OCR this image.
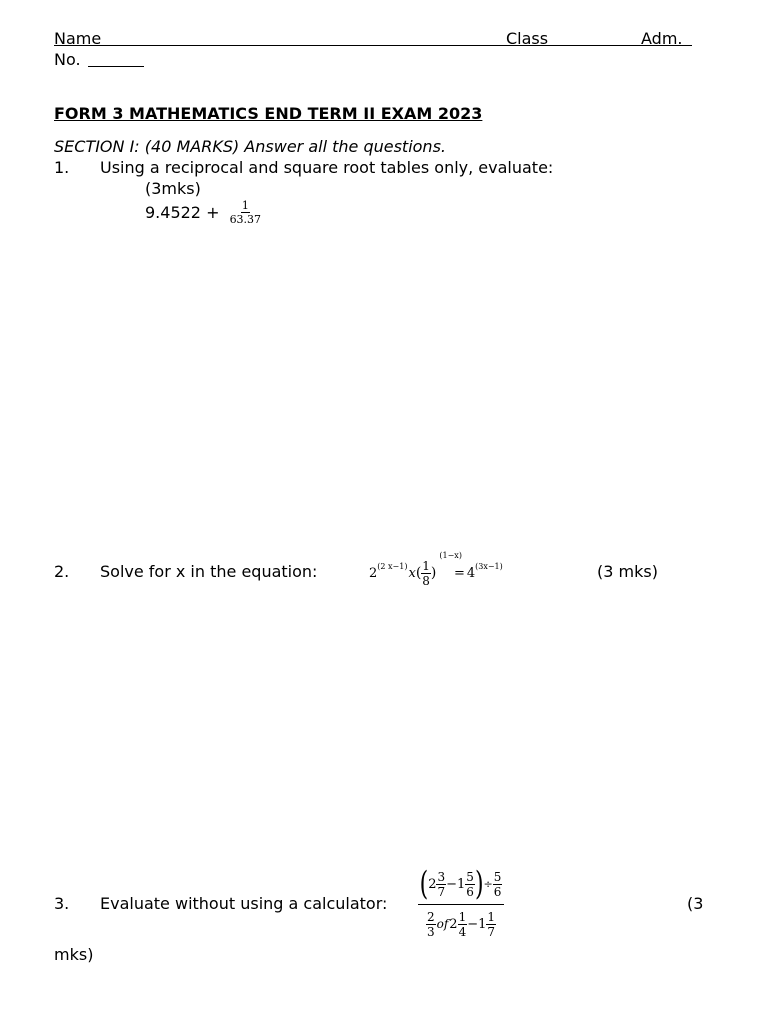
Name	Class	Adm.
No.
FORM 3 MATHEMATICS END TERM II EXAM 2023
SECTION I: (40 MARKS) Answer all the questions.
1. Using a reciprocal and square root tables only, evaluate:
(3mks)
$9.4522 + \frac{1}{63.37}$
2. Solve for x in the equation:	2 (2 x−1) x ( $\frac{1}{8}$ )
(1−x)
= 4 (3x−1)	(3 mks)
3. Evaluate without using a calculator:
( $2 \frac{3}{7} - 1 \frac{5}{6}$ ) ÷ $\frac{5}{6}$
$\frac{2}{3}$ of $2 \frac{1}{4} - 1 \frac{1}{7}$
(3
mks)
